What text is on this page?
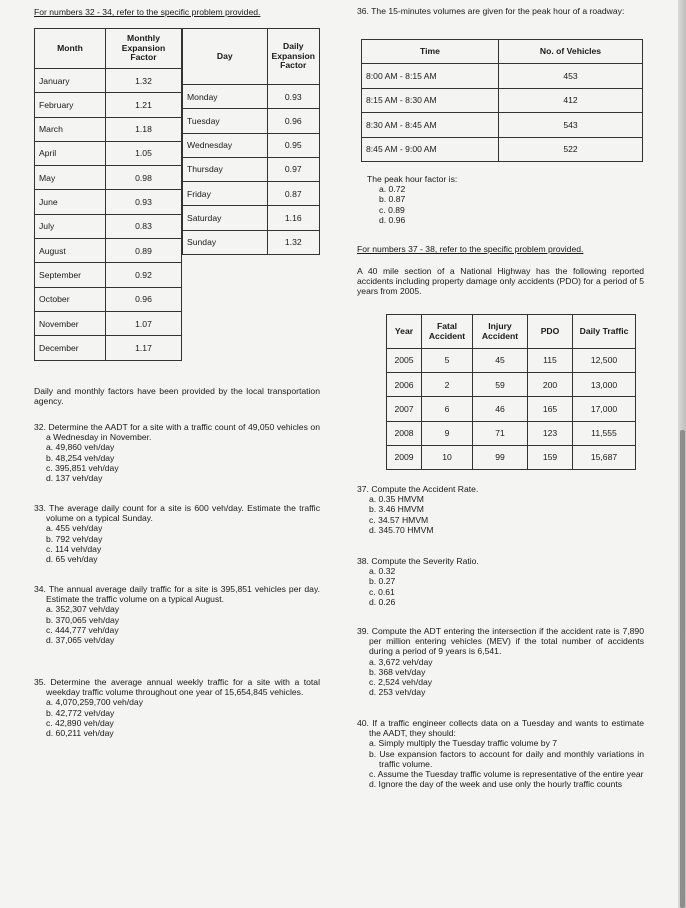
For numbers 32 - 34, refer to the specific problem provided.
Month	Monthly Expansion Factor
January	1.32
February	1.21
March	1.18
April	1.05
May	0.98
June	0.93
July	0.83
August	0.89
September	0.92
October	0.96
November	1.07
December	1.17
Day	Daily Expansion Factor
Monday	0.93
Tuesday	0.96
Wednesday	0.95
Thursday	0.97
Friday	0.87
Saturday	1.16
Sunday	1.32
Daily and monthly factors have been provided by the local transportation agency.
32. Determine the AADT for a site with a traffic count of 49,050 vehicles on a Wednesday in November.
a. 49,860 veh/day
b. 48,254 veh/day
c. 395,851 veh/day
d. 137 veh/day
33. The average daily count for a site is 600 veh/day. Estimate the traffic volume on a typical Sunday.
a. 455 veh/day
b. 792 veh/day
c. 114 veh/day
d. 65 veh/day
34. The annual average daily traffic for a site is 395,851 vehicles per day. Estimate the traffic volume on a typical August.
a. 352,307 veh/day
b. 370,065 veh/day
c. 444,777 veh/day
d. 37,065 veh/day
35. Determine the average annual weekly traffic for a site with a total weekday traffic volume throughout one year of 15,654,845 vehicles.
a. 4,070,259,700 veh/day
b. 42,772 veh/day
c. 42,890 veh/day
d. 60,211 veh/day
36. The 15-minutes volumes are given for the peak hour of a roadway:
Time	No. of Vehicles
8:00 AM - 8:15 AM	453
8:15 AM - 8:30 AM	412
8:30 AM - 8:45 AM	543
8:45 AM - 9:00 AM	522
The peak hour factor is:
a. 0.72
b. 0.87
c. 0.89
d. 0.96
For numbers 37 - 38, refer to the specific problem provided.
A 40 mile section of a National Highway has the following reported accidents including property damage only accidents (PDO) for a period of 5 years from 2005.
Year	Fatal Accident	Injury Accident	PDO	Daily Traffic
2005	5	45	115	12,500
2006	2	59	200	13,000
2007	6	46	165	17,000
2008	9	71	123	11,555
2009	10	99	159	15,687
37. Compute the Accident Rate.
a. 0.35 HMVM
b. 3.46 HMVM
c. 34.57 HMVM
d. 345.70 HMVM
38. Compute the Severity Ratio.
a. 0.32
b. 0.27
c. 0.61
d. 0.26
39. Compute the ADT entering the intersection if the accident rate is 7,890 per million entering vehicles (MEV) if the total number of accidents during a period of 9 years is 6,541.
a. 3,672 veh/day
b. 368 veh/day
c. 2,524 veh/day
d. 253 veh/day
40. If a traffic engineer collects data on a Tuesday and wants to estimate the AADT, they should:
a. Simply multiply the Tuesday traffic volume by 7
b. Use expansion factors to account for daily and monthly variations in traffic volume.
c. Assume the Tuesday traffic volume is representative of the entire year
d. Ignore the day of the week and use only the hourly traffic counts
